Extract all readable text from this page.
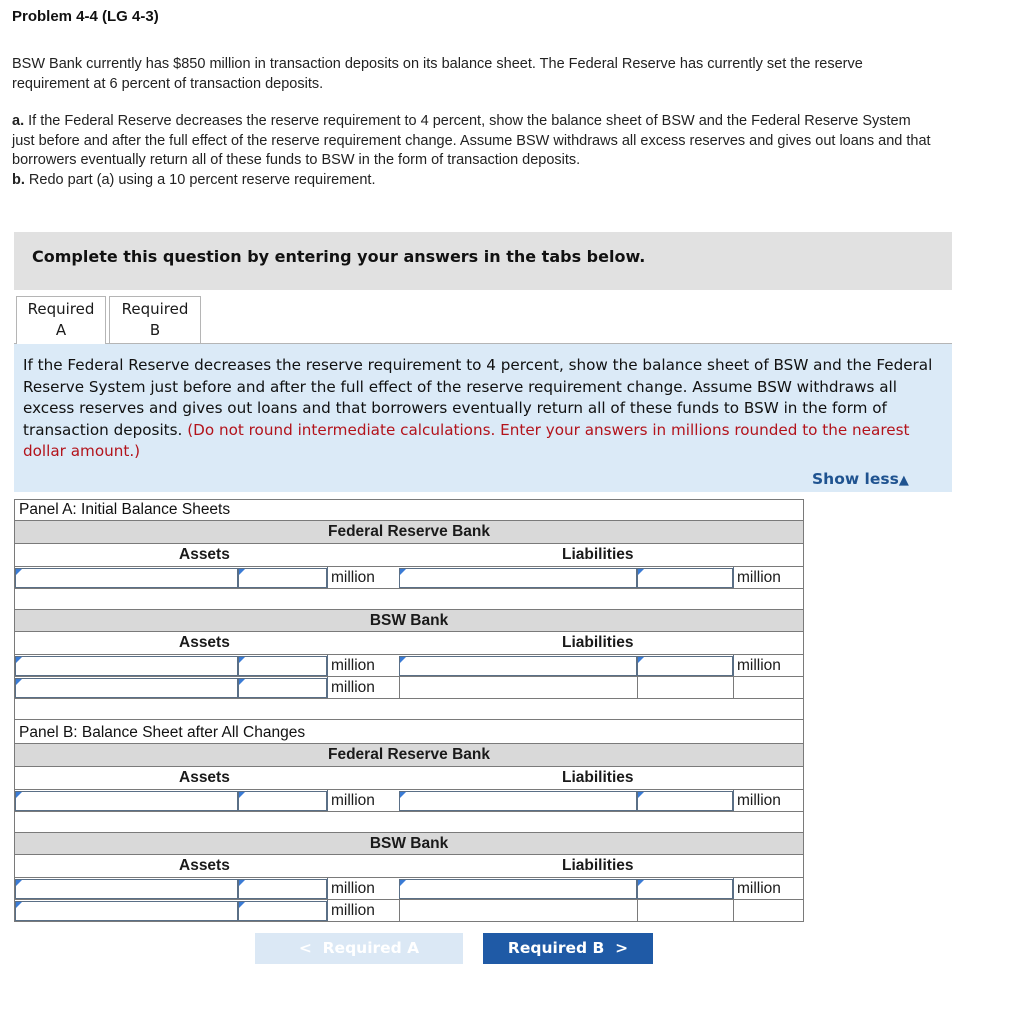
Problem 4-4 (LG 4-3)
BSW Bank currently has $850 million in transaction deposits on its balance sheet. The Federal Reserve has currently set the reserve requirement at 6 percent of transaction deposits.
a. If the Federal Reserve decreases the reserve requirement to 4 percent, show the balance sheet of BSW and the Federal Reserve System just before and after the full effect of the reserve requirement change. Assume BSW withdraws all excess reserves and gives out loans and that borrowers eventually return all of these funds to BSW in the form of transaction deposits.
b. Redo part (a) using a 10 percent reserve requirement.
Complete this question by entering your answers in the tabs below.
Required
A
Required
B

If the Federal Reserve decreases the reserve requirement to 4 percent, show the balance sheet of BSW and the Federal Reserve System just before and after the full effect of the reserve requirement change. Assume BSW withdraws all excess reserves and gives out loans and that borrowers eventually return all of these funds to BSW in the form of transaction deposits. (Do not round intermediate calculations. Enter your answers in millions rounded to the nearest dollar amount.)

Show less▲
Panel A: Initial Balance Sheets
Federal Reserve Bank
Assets	Liabilities
million	million
BSW Bank
Assets	Liabilities
million	million
million
Panel B: Balance Sheet after All Changes
Federal Reserve Bank
Assets	Liabilities
million	million
BSW Bank
Assets	Liabilities
million	million
million
< Required A	Required B >
